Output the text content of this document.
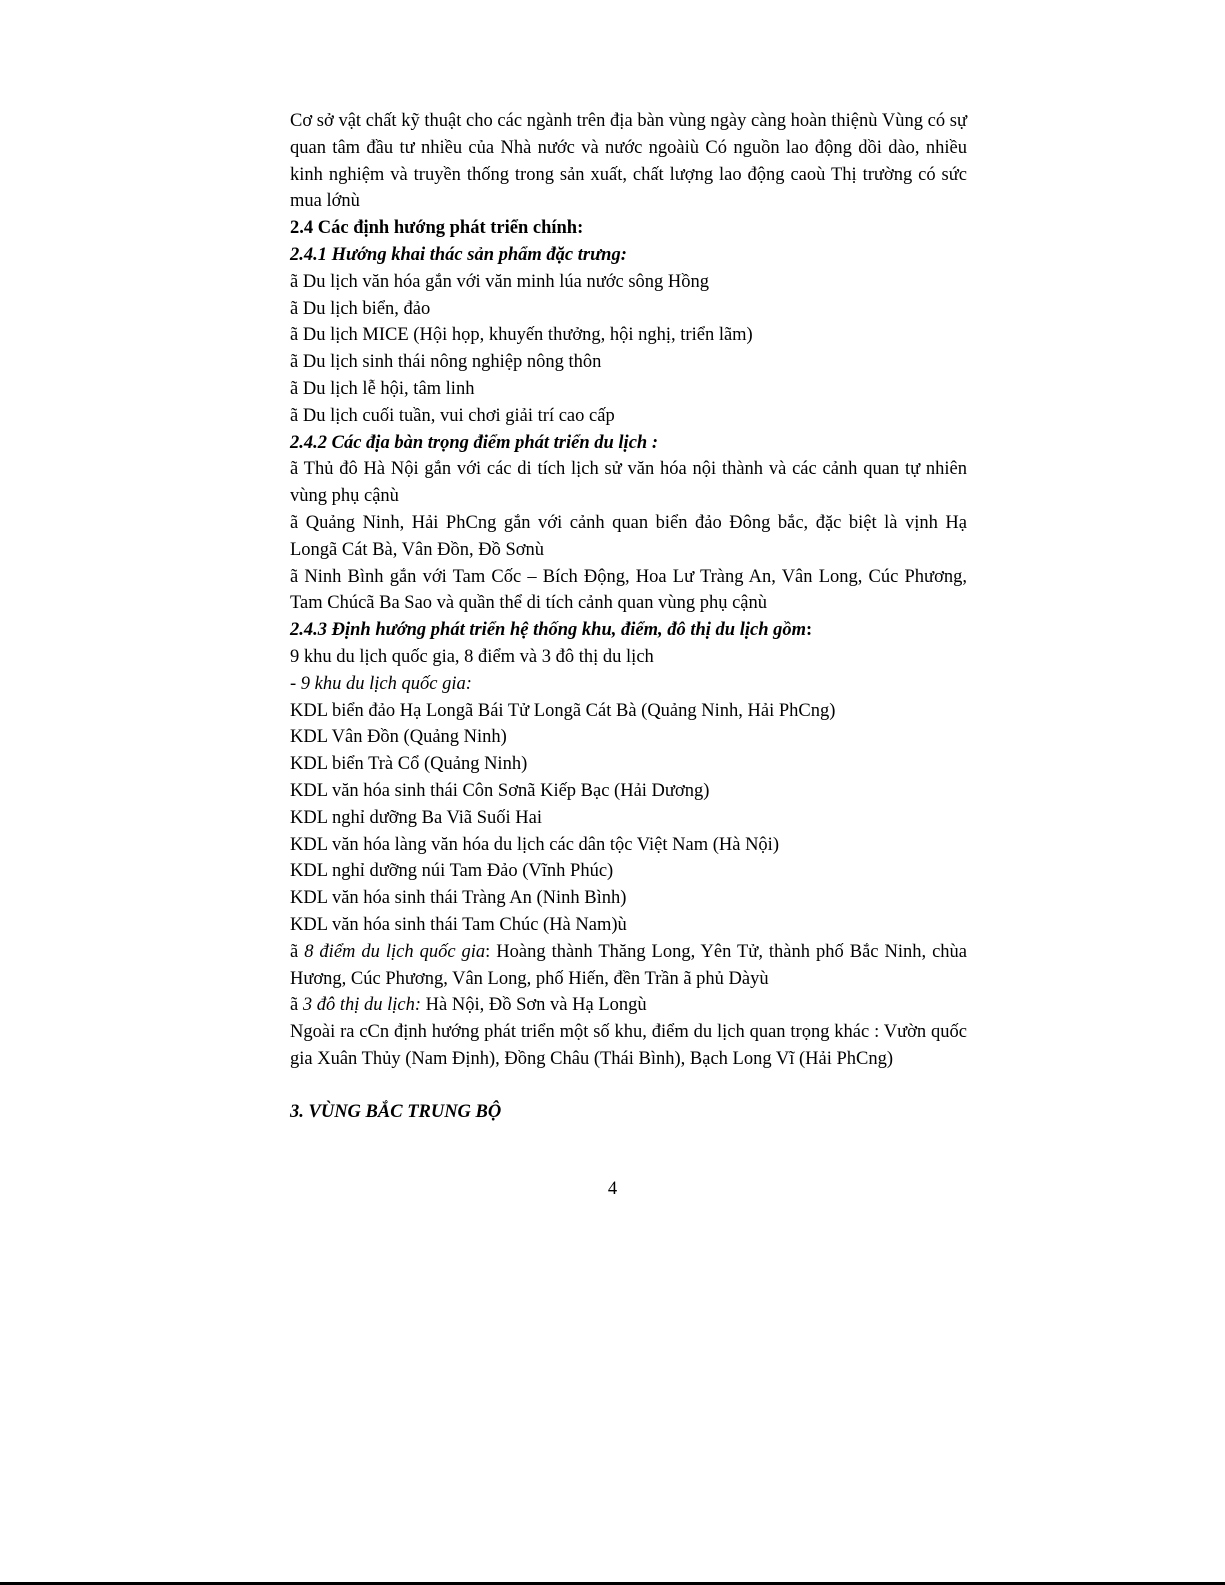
Cơ sở vật chất kỹ thuật cho các ngành trên địa bàn vùng ngày càng hoàn thiệnù Vùng có sự quan tâm đầu tư nhiều của Nhà nước và nước ngoàiù Có nguồn lao động dồi dào, nhiều kinh nghiệm và truyền thống trong sản xuất, chất lượng lao động caoù Thị trường có sức mua lớnù

2.4 Các định hướng phát triển chính:

2.4.1 Hướng khai thác sản phẩm đặc trưng:

ã Du lịch văn hóa gắn với văn minh lúa nước sông Hồng

ã Du lịch biển, đảo

ã Du lịch MICE (Hội họp, khuyến thưởng, hội nghị, triển lãm)

ã Du lịch sinh thái nông nghiệp nông thôn

ã Du lịch lễ hội, tâm linh

ã Du lịch cuối tuần, vui chơi giải trí cao cấp

2.4.2 Các địa bàn trọng điểm phát triển du lịch :

ã Thủ đô Hà Nội gắn với các di tích lịch sử văn hóa nội thành và các cảnh quan tự nhiên vùng phụ cậnù

ã Quảng Ninh, Hải PhCng gắn với cảnh quan biển đảo Đông bắc, đặc biệt là vịnh Hạ Longã Cát Bà, Vân Đồn, Đồ Sơnù

ã Ninh Bình gắn với Tam Cốc – Bích Động, Hoa Lư Tràng An, Vân Long, Cúc Phương, Tam Chúcã Ba Sao và quần thể di tích cảnh quan vùng phụ cậnù

2.4.3 Định hướng phát triển hệ thống khu, điểm, đô thị du lịch gồm:

9 khu du lịch quốc gia, 8 điểm và 3 đô thị du lịch

- 9 khu du lịch quốc gia:

KDL biển đảo Hạ Longã Bái Tử Longã Cát Bà (Quảng Ninh, Hải PhCng)

KDL Vân Đồn (Quảng Ninh)

KDL biển Trà Cổ (Quảng Ninh)

KDL văn hóa sinh thái Côn Sơnã Kiếp Bạc (Hải Dương)

KDL nghỉ dưỡng Ba Viã Suối Hai

KDL văn hóa làng văn hóa du lịch các dân tộc Việt Nam (Hà Nội)

KDL nghỉ dưỡng núi Tam Đảo (Vĩnh Phúc)

KDL văn hóa sinh thái Tràng An (Ninh Bình)

KDL văn hóa sinh thái Tam Chúc (Hà Nam)ù

ã 8 điểm du lịch quốc gia: Hoàng thành Thăng Long, Yên Tử, thành phố Bắc Ninh, chùa Hương, Cúc Phương, Vân Long, phố Hiến, đền Trần ã phủ Dàyù

ã 3 đô thị du lịch: Hà Nội, Đồ Sơn và Hạ Longù

Ngoài ra cCn định hướng phát triển một số khu, điểm du lịch quan trọng khác : Vườn quốc gia Xuân Thủy (Nam Định), Đồng Châu (Thái Bình), Bạch Long Vĩ (Hải PhCng)

3. VÙNG BẮC TRUNG BỘ

4
